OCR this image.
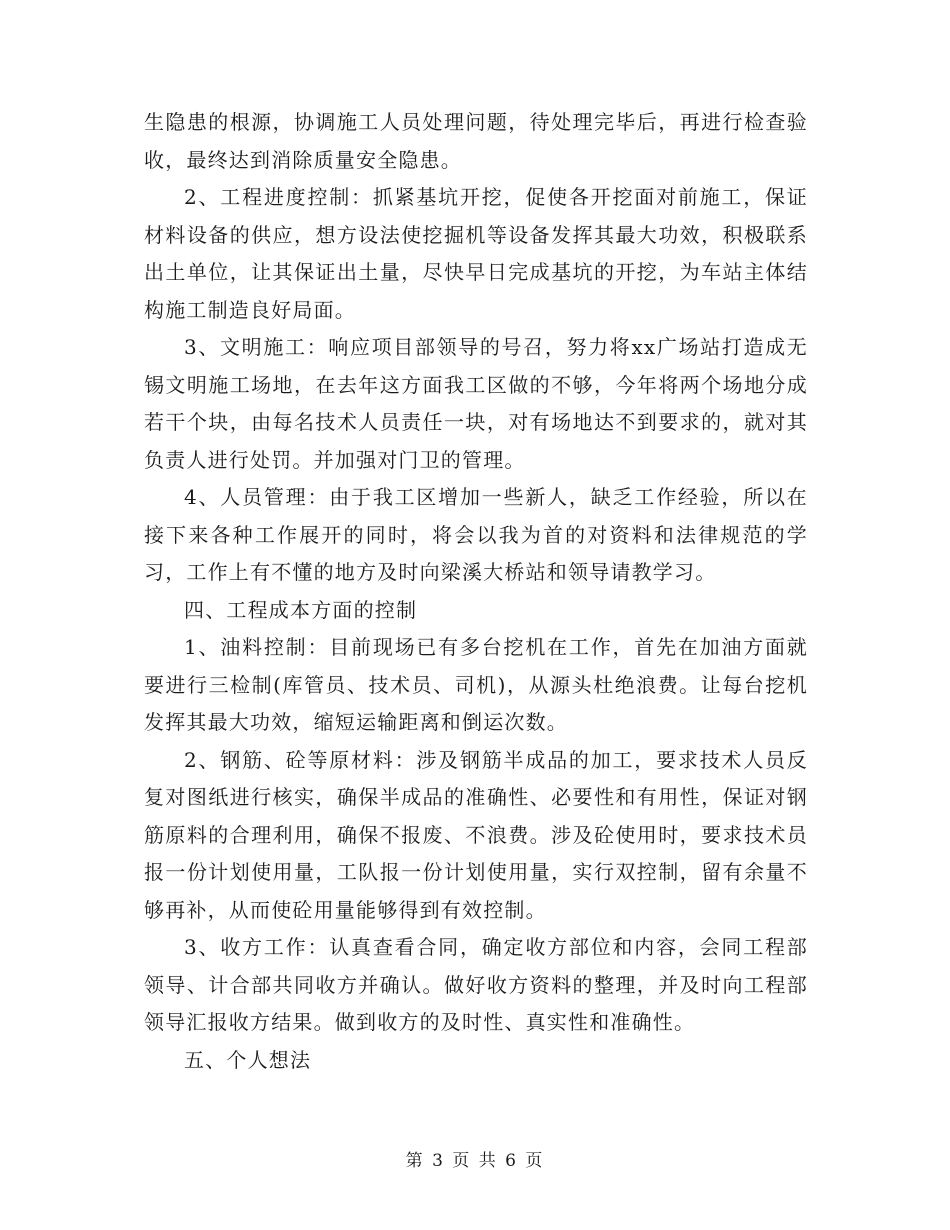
生隐患的根源，协调施工人员处理问题，待处理完毕后，再进行检查验收，最终达到消除质量安全隐患。

2、工程进度控制：抓紧基坑开挖，促使各开挖面对前施工，保证材料设备的供应，想方设法使挖掘机等设备发挥其最大功效，积极联系出土单位，让其保证出土量，尽快早日完成基坑的开挖，为车站主体结构施工制造良好局面。

3、文明施工：响应项目部领导的号召，努力将xx广场站打造成无锡文明施工场地，在去年这方面我工区做的不够，今年将两个场地分成若干个块，由每名技术人员责任一块，对有场地达不到要求的，就对其负责人进行处罚。并加强对门卫的管理。

4、人员管理：由于我工区增加一些新人，缺乏工作经验，所以在接下来各种工作展开的同时，将会以我为首的对资料和法律规范的学习，工作上有不懂的地方及时向梁溪大桥站和领导请教学习。

四、工程成本方面的控制

1、油料控制：目前现场已有多台挖机在工作，首先在加油方面就要进行三检制(库管员、技术员、司机)，从源头杜绝浪费。让每台挖机发挥其最大功效，缩短运输距离和倒运次数。

2、钢筋、砼等原材料：涉及钢筋半成品的加工，要求技术人员反复对图纸进行核实，确保半成品的准确性、必要性和有用性，保证对钢筋原料的合理利用，确保不报废、不浪费。涉及砼使用时，要求技术员报一份计划使用量，工队报一份计划使用量，实行双控制，留有余量不够再补，从而使砼用量能够得到有效控制。

3、收方工作：认真查看合同，确定收方部位和内容，会同工程部领导、计合部共同收方并确认。做好收方资料的整理，并及时向工程部领导汇报收方结果。做到收方的及时性、真实性和准确性。

五、个人想法

第 3 页 共 6 页
